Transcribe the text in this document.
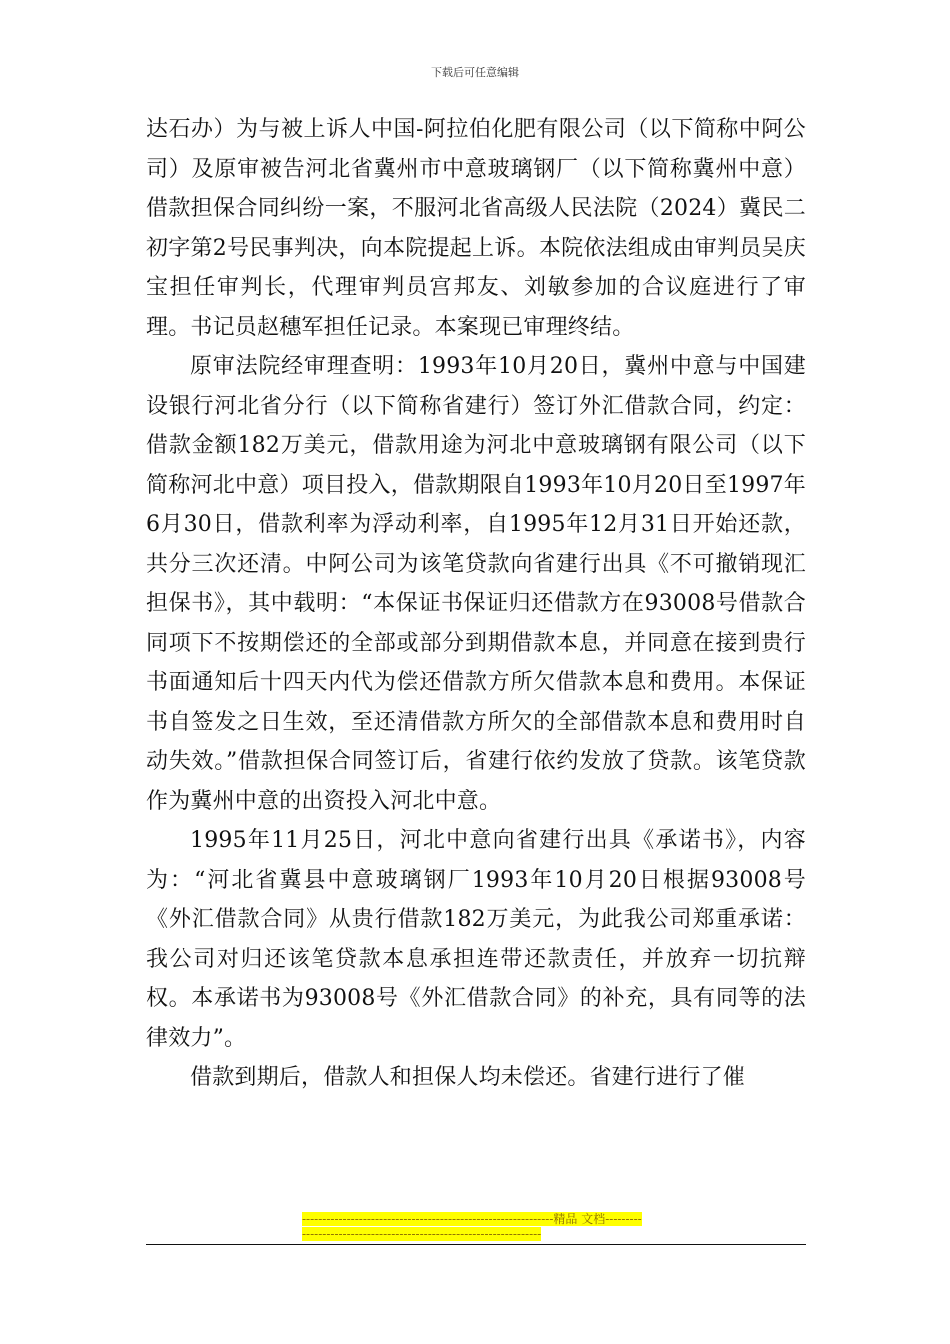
下载后可任意编辑

达石办）为与被上诉人中国-阿拉伯化肥有限公司（以下简称中阿公司）及原审被告河北省冀州市中意玻璃钢厂（以下简称冀州中意）借款担保合同纠纷一案，不服河北省高级人民法院（2024）冀民二初字第2号民事判决，向本院提起上诉。本院依法组成由审判员吴庆宝担任审判长，代理审判员宫邦友、刘敏参加的合议庭进行了审理。书记员赵穗军担任记录。本案现已审理终结。

原审法院经审理查明：1993年10月20日，冀州中意与中国建设银行河北省分行（以下简称省建行）签订外汇借款合同，约定：借款金额182万美元，借款用途为河北中意玻璃钢有限公司（以下简称河北中意）项目投入，借款期限自1993年10月20日至1997年6月30日，借款利率为浮动利率，自1995年12月31日开始还款，共分三次还清。中阿公司为该笔贷款向省建行出具《不可撤销现汇担保书》，其中载明：“本保证书保证归还借款方在93008号借款合同项下不按期偿还的全部或部分到期借款本息，并同意在接到贵行书面通知后十四天内代为偿还借款方所欠借款本息和费用。本保证书自签发之日生效，至还清借款方所欠的全部借款本息和费用时自动失效。”借款担保合同签订后，省建行依约发放了贷款。该笔贷款作为冀州中意的出资投入河北中意。

1995年11月25日，河北中意向省建行出具《承诺书》，内容为：“河北省冀县中意玻璃钢厂1993年10月20日根据93008号《外汇借款合同》从贵行借款182万美元，为此我公司郑重承诺：我公司对归还该笔贷款本息承担连带还款责任，并放弃一切抗辩权。本承诺书为93008号《外汇借款合同》的补充，具有同等的法律效力”。

借款到期后，借款人和担保人均未偿还。省建行进行了催

--------------------------------------------------------------精品 文档--------------------------------------------------------------------
